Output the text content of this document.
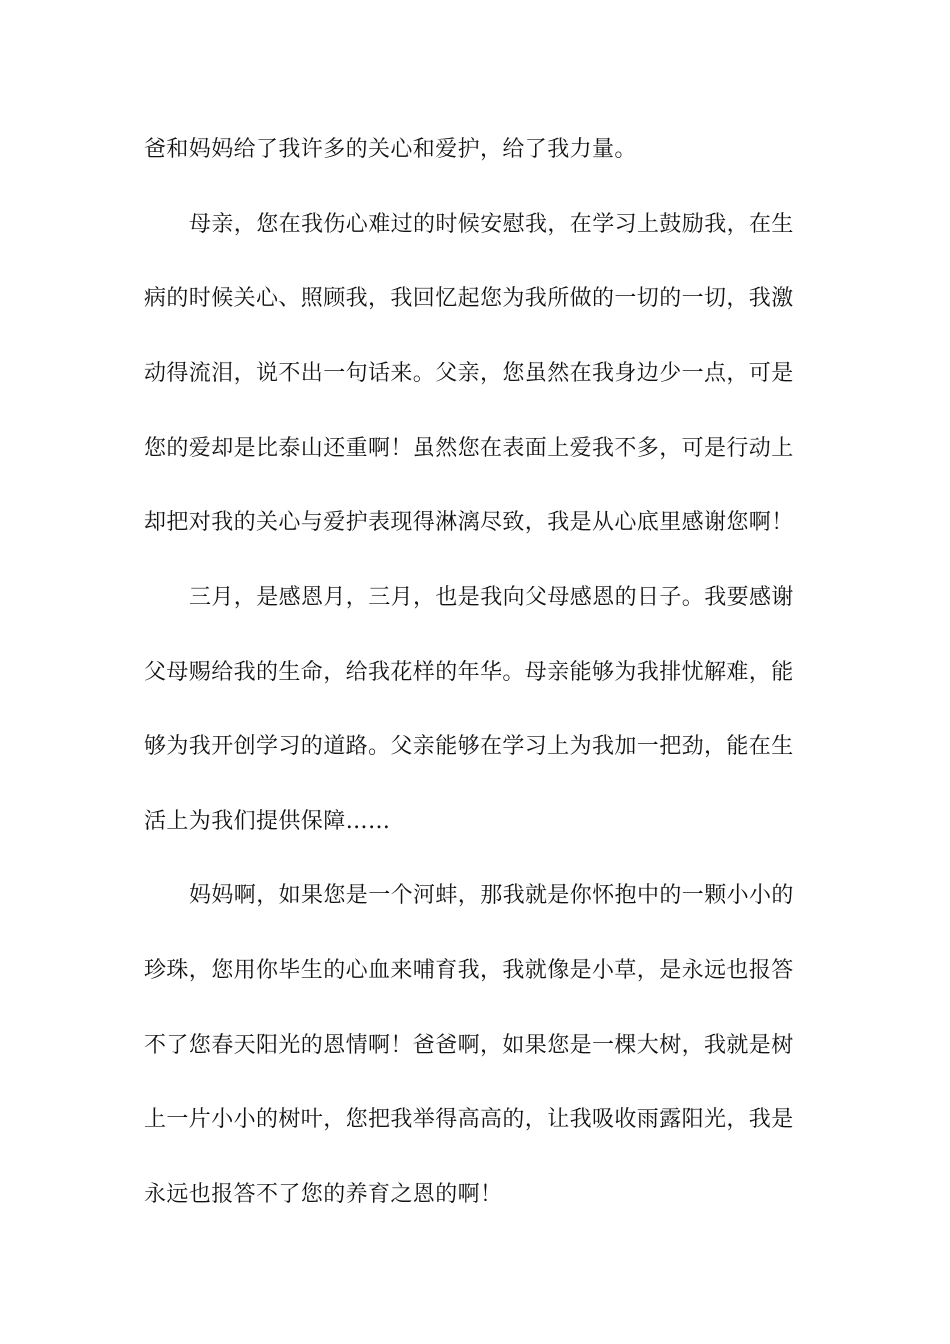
爸和妈妈给了我许多的关心和爱护，给了我力量。
母亲，您在我伤心难过的时候安慰我，在学习上鼓励我，在生
病的时候关心、照顾我，我回忆起您为我所做的一切的一切，我激
动得流泪，说不出一句话来。父亲，您虽然在我身边少一点，可是
您的爱却是比泰山还重啊！虽然您在表面上爱我不多，可是行动上
却把对我的关心与爱护表现得淋漓尽致，我是从心底里感谢您啊！
三月，是感恩月，三月，也是我向父母感恩的日子。我要感谢
父母赐给我的生命，给我花样的年华。母亲能够为我排忧解难，能
够为我开创学习的道路。父亲能够在学习上为我加一把劲，能在生
活上为我们提供保障……
妈妈啊，如果您是一个河蚌，那我就是你怀抱中的一颗小小的
珍珠，您用你毕生的心血来哺育我，我就像是小草，是永远也报答
不了您春天阳光的恩情啊！爸爸啊，如果您是一棵大树，我就是树
上一片小小的树叶，您把我举得高高的，让我吸收雨露阳光，我是
永远也报答不了您的养育之恩的啊！
